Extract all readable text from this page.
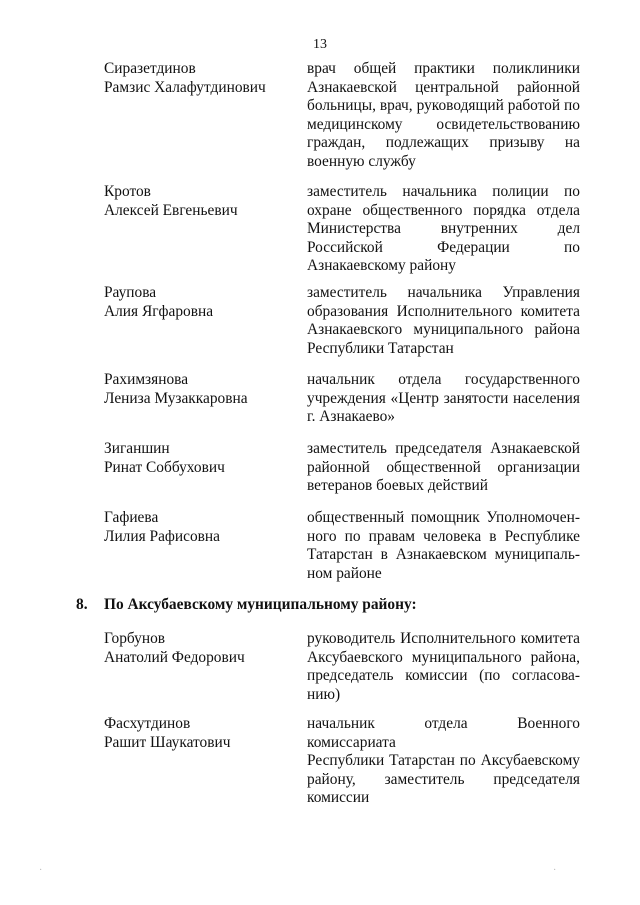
13
Сиразетдинов
Рамзис Халафутдинович
врач общей практики поликлиники
Азнакаевской центральной районной
больницы, врач, руководящий работой по
медицинскому освидетельствованию
граждан, подлежащих призыву на
военную службу
Кротов
Алексей Евгеньевич
заместитель начальника полиции по
охране общественного порядка отдела
Министерства внутренних дел
Российской Федерации по
Азнакаевскому району
Раупова
Алия Ягфаровна
заместитель начальника Управления
образования Исполнительного комитета
Азнакаевского муниципального района
Республики Татарстан
Рахимзянова
Лениза Музаккаровна
начальник отдела государственного
учреждения «Центр занятости населения
г. Азнакаево»
Зиганшин
Ринат Соббухович
заместитель председателя Азнакаевской
районной общественной организации
ветеранов боевых действий
Гафиева
Лилия Рафисовна
общественный помощник Уполномочен-
ного по правам человека в Республике
Татарстан в Азнакаевском муниципаль-
ном районе
8. По Аксубаевскому муниципальному району:
Горбунов
Анатолий Федорович
руководитель Исполнительного комитета
Аксубаевского муниципального района,
председатель комиссии (по согласова-
нию)
Фасхутдинов
Рашит Шаукатович
начальник отдела Военного комиссариата
Республики Татарстан по Аксубаевскому
району, заместитель председателя
комиссии
·	·
